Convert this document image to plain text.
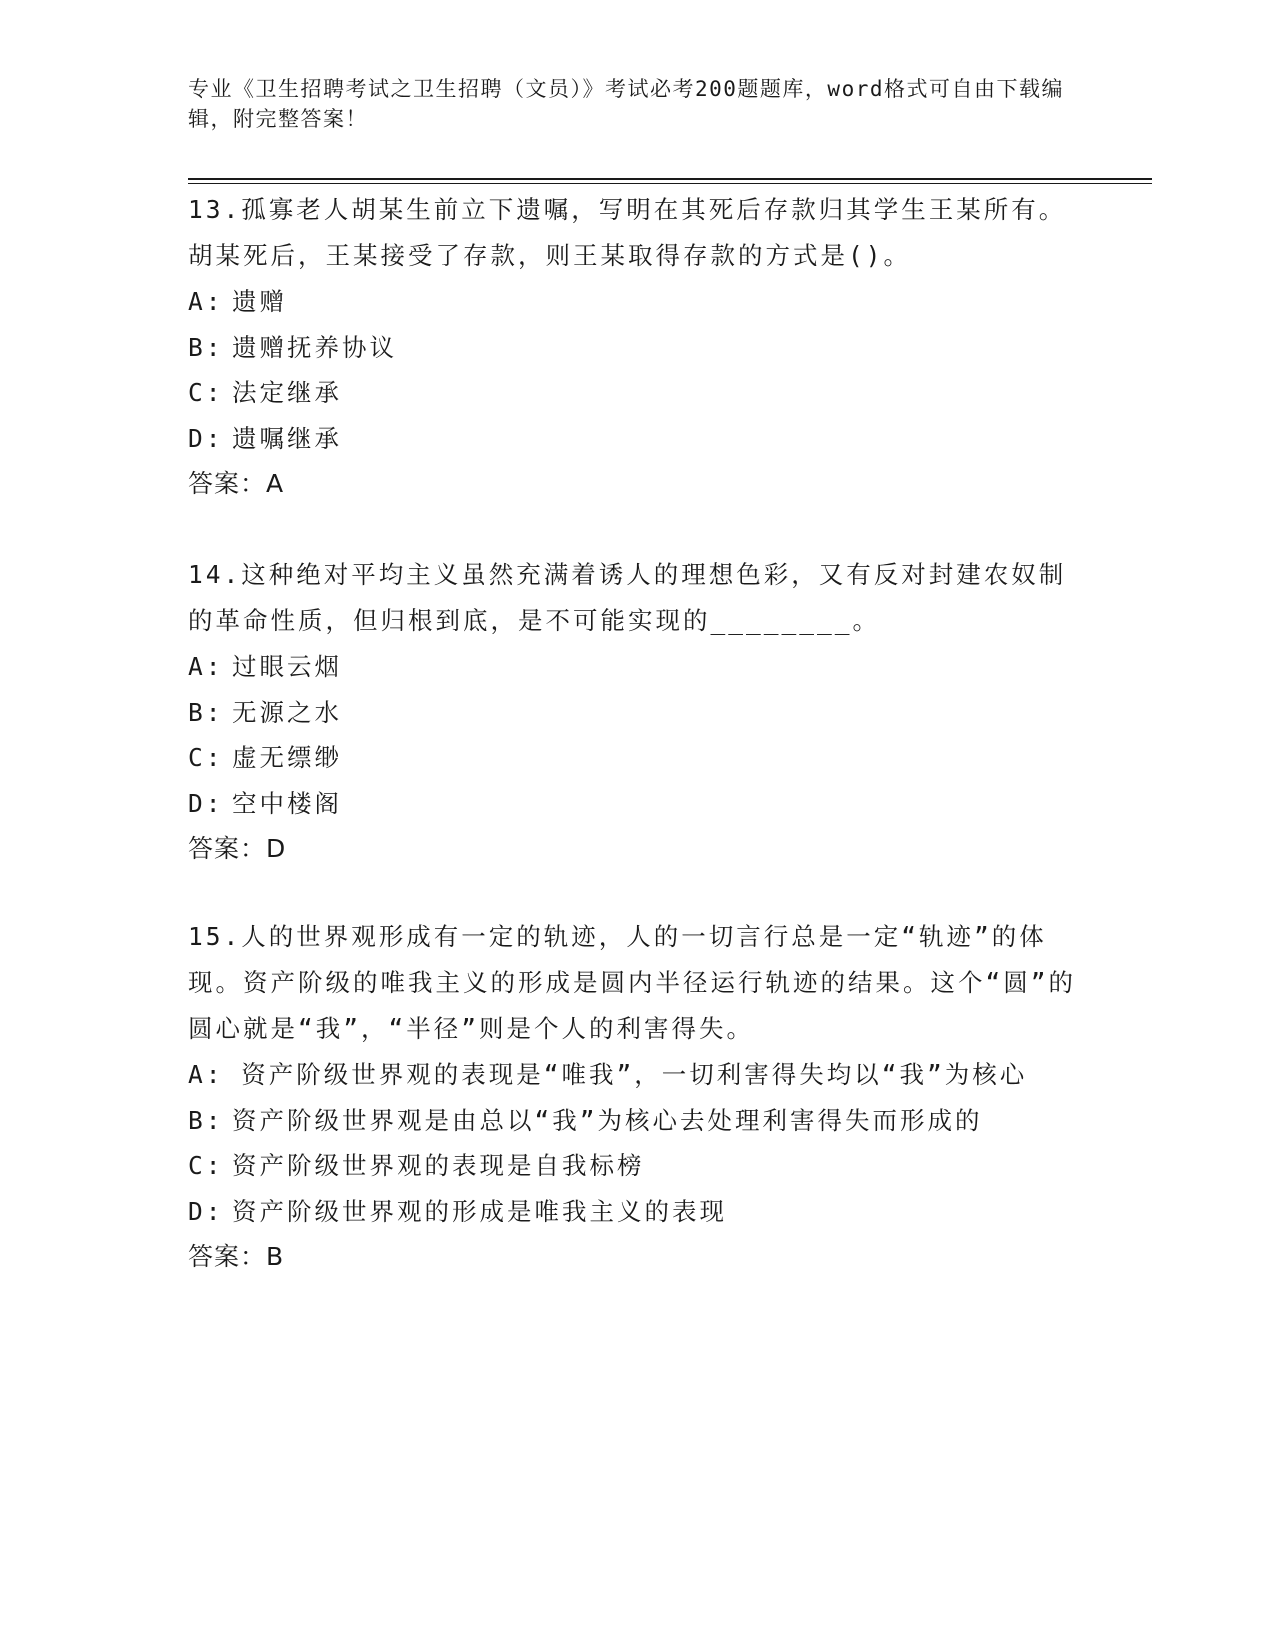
专业《卫生招聘考试之卫生招聘（文员）》考试必考200题题库，word格式可自由下载编辑，附完整答案！

13.孤寡老人胡某生前立下遗嘱，写明在其死后存款归其学生王某所有。胡某死后，王某接受了存款，则王某取得存款的方式是()。

A: 遗赠

B: 遗赠抚养协议

C: 法定继承

D: 遗嘱继承

答案：A

14.这种绝对平均主义虽然充满着诱人的理想色彩，又有反对封建农奴制的革命性质，但归根到底，是不可能实现的________。

A: 过眼云烟

B: 无源之水

C: 虚无缥缈

D: 空中楼阁

答案：D

15.人的世界观形成有一定的轨迹，人的一切言行总是一定“轨迹”的体现。资产阶级的唯我主义的形成是圆内半径运行轨迹的结果。这个“圆”的圆心就是“我”，“半径”则是个人的利害得失。

A: 资产阶级世界观的表现是“唯我”，一切利害得失均以“我”为核心

B: 资产阶级世界观是由总以“我”为核心去处理利害得失而形成的

C: 资产阶级世界观的表现是自我标榜

D: 资产阶级世界观的形成是唯我主义的表现

答案：B
